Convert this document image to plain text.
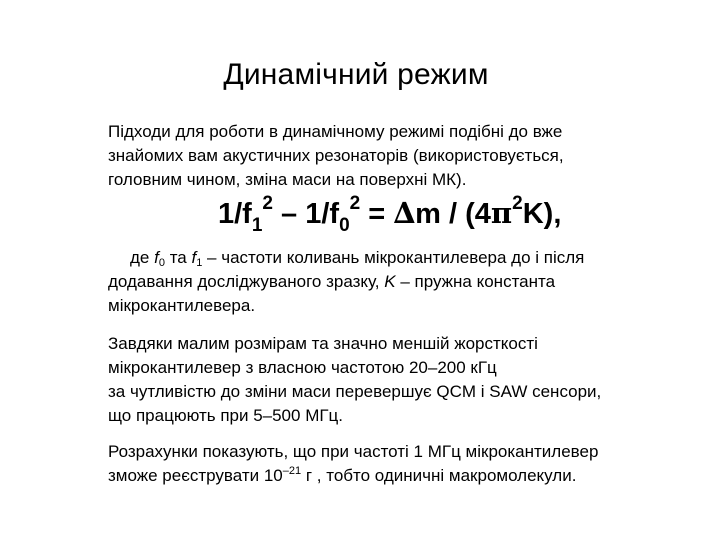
Динамічний режим
Підходи для роботи в динамічному режимі подібні до вже
знайомих вам акустичних резонаторів (використовується,
головним чином, зміна маси на поверхні МК).
$1/f_1^2 - 1/f_0^2 = \Delta m / (4\pi^2K)$,
де f0 та f1 – частоти коливань мікрокантилевера до і після
додавання досліджуваного зразку, K – пружна константа
мікрокантилевера.
Завдяки малим розмірам та значно меншій жорсткості
мікрокантилевер з власною частотою 20–200 кГц
за чутливістю до зміни маси перевершує QCM і SAW сенсори,
що працюють при 5–500 МГц.
Розрахунки показують, що при частоті 1 МГц мікрокантилевер
зможе реєструвати $10^{-21}$ г , тобто одиничні макромолекули.
